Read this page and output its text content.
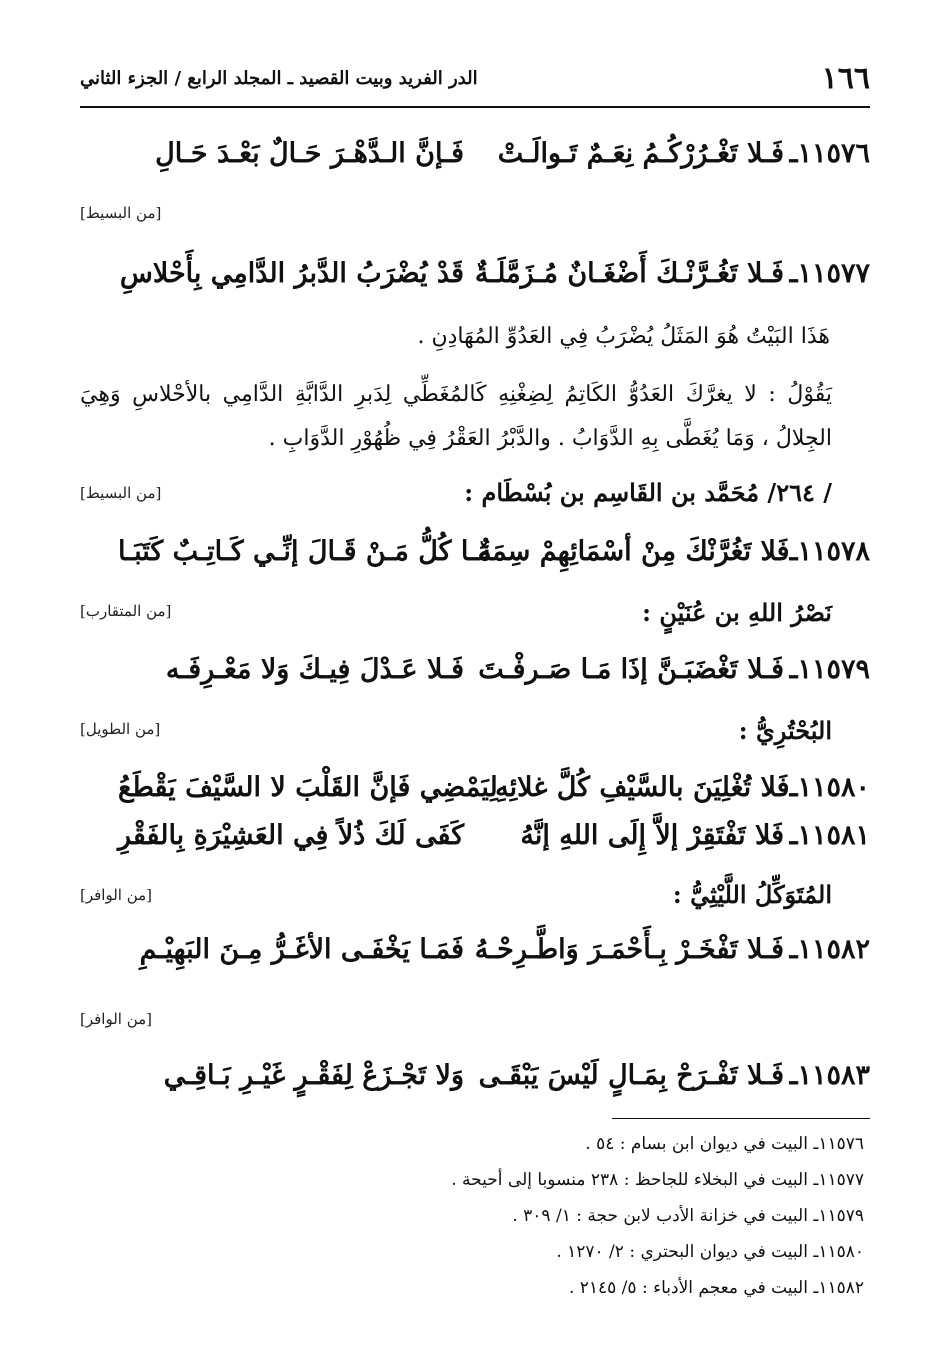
١٦٦
الدر الفريد وبيت القصيد ـ المجلد الرابع / الجزء الثاني
١١٥٧٦ـ
فَـلا تَغْـرُرْكُـمُ نِعَـمٌ تَـوالَـتْ
فَـإنَّ الـدَّهْـرَ حَـالٌ بَعْـدَ حَـالِ
[من البسيط]
١١٥٧٧ـ
فَـلا تَغُـرَّنْـكَ أَضْغَـانٌ مُـزَمَّلَـةٌ
قَدْ يُضْرَبُ الدَّبرُ الدَّامِي بِأَحْلاسِ
هَذَا البَيْتُ هُوَ المَثَلُ يُضْرَبُ فِي العَدُوِّ المُهَادِنِ .
يَقُوْلُ : لا يغرَّكَ العَدُوُّ الكَاتِمُ لِضِغْنِهِ كَالمُغَطِّي لِدَبرِ الدَّابَّةِ الدَّامِي بالأحْلاسِ وَهِيَ الجِلالُ ، وَمَا يُغَطَّى بِهِ الدَّوَابُ . والدَّبْرُ العَقْرُ فِي ظُهُوْرِ الدَّوَابِ .
/ ٢٦٤/ مُحَمَّد بن القَاسِم بن بُسْطَام :
[من البسيط]
١١٥٧٨ـ
فَلا تَغُرَّنْكَ مِنْ أسْمَائِهِمْ سِمَةٌ
مَـا كُلُّ مَـنْ قَـالَ إنِّـي كَـاتِـبٌ كَتَبَـا
نَصْرُ اللهِ بن عُنَيْنٍ :
[من المتقارب]
١١٥٧٩ـ
فَـلا تَغْضَبَـنَّ إذَا مَـا صَـرفْـتَ
فَـلا عَـدْلَ فِيـكَ وَلا مَعْـرِفَـه
البُحْتُرِيُّ :
[من الطويل]
١١٥٨٠ـ
فَلا تُغْلِيَنَ بالسَّيْفِ كُلَّ غلائِهِ
لِيَمْضِي فَإنَّ القَلْبَ لا السَّيْفَ يَقْطَعُ
١١٥٨١ـ
فَلا تَفْتَقِرْ إلاَّ إِلَى اللهِ إنَّهُ
كَفَى لَكَ ذُلاً فِي العَشِيْرَةِ بِالفَقْرِ
المُتَوَكِّلُ اللَّيْثِيُّ :
[من الوافر]
١١٥٨٢ـ
فَـلا تَفْخَـرْ بِـأَحْمَـرَ وَاطَّـرِحْـهُ
فَمَـا يَخْفَـى الأغَـرُّ مِـنَ البَهِيْـمِ
[من الوافر]
١١٥٨٣ـ
فَـلا تَفْـرَحْ بِمَـالٍ لَيْسَ يَبْقَـى
وَلا تَجْـزَعْ لِفَقْـرٍ غَيْـرِ بَـاقِـي
١١٥٧٦ـ البيت في ديوان ابن بسام : ٥٤ .
١١٥٧٧ـ البيت في البخلاء للجاحظ : ٢٣٨ منسوبا إلى أحيحة .
١١٥٧٩ـ البيت في خزانة الأدب لابن حجة : ١/ ٣٠٩ .
١١٥٨٠ـ البيت في ديوان البحتري : ٢/ ١٢٧٠ .
١١٥٨٢ـ البيت في معجم الأدباء : ٥/ ٢١٤٥ .
